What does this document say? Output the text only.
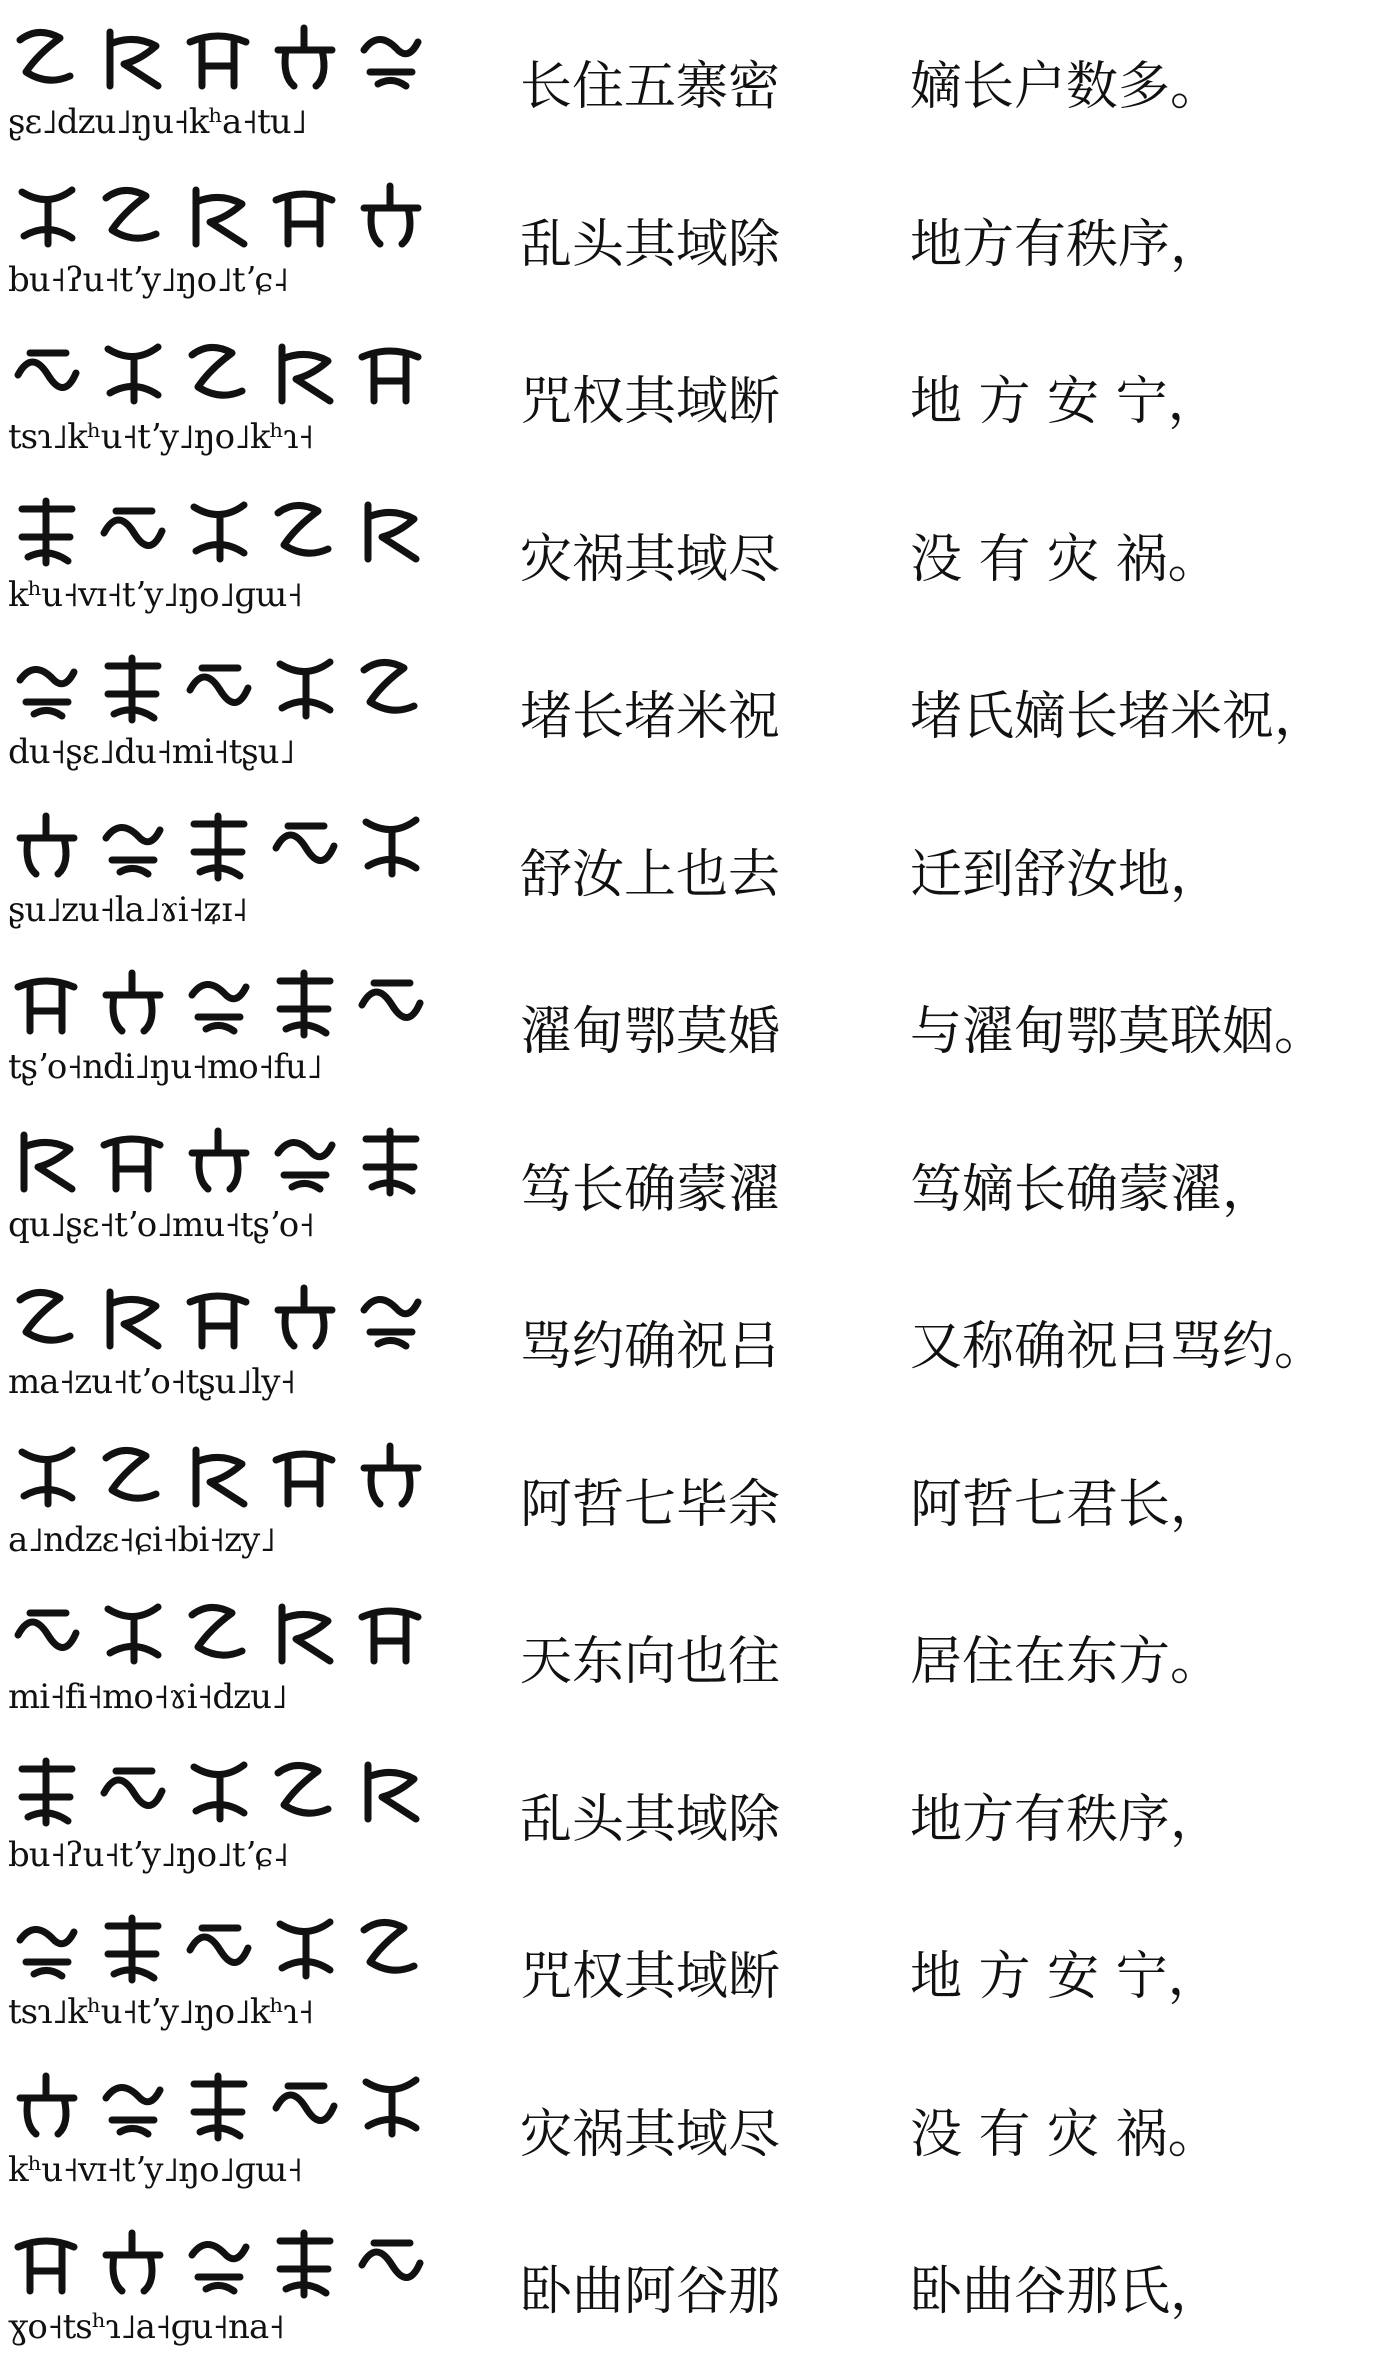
ʂɛ˩dzu˩ŋu˧kʰa˧tu˩
长住五寨密	嫡长户数多。
bu˧ʔu˧tʼy˩ŋo˩tʼɕ˨
乱头其域除	地方有秩序，
tsɿ˩kʰu˧tʼy˩ŋo˩kʰɿ˧
咒权其域断	地 方 安 宁，
kʰu˧vɪ˧tʼy˩ŋo˩ɡɯ˧
灾祸其域尽	没 有 灾 祸。
du˧ʂɛ˩du˧mi˧tʂu˩
堵长堵米祝	堵氏嫡长堵米祝，
ʂu˩zu˧la˩ɤi˧ʑɪ˨
舒汝上也去	迁到舒汝地，
tʂʼo˧ndi˩ŋu˧mo˧fu˩
濯甸鄂莫婚	与濯甸鄂莫联姻。
qu˩ʂɛ˧tʼo˩mu˧tʂʼo˧
笃长确蒙濯	笃嫡长确蒙濯，
ma˧zu˧tʼo˧tʂu˩ly˧
骂约确祝吕	又称确祝吕骂约。
a˩ndzɛ˧ɕi˧bi˧zy˩
阿哲七毕余	阿哲七君长，
mi˧fi˧mo˧ɤi˧dzu˩
天东向也往	居住在东方。
bu˧ʔu˧tʼy˩ŋo˩tʼɕ˨
乱头其域除	地方有秩序，
tsɿ˩kʰu˧tʼy˩ŋo˩kʰɿ˧
咒权其域断	地 方 安 宁，
kʰu˧vɪ˧tʼy˩ŋo˩ɡɯ˧
灾祸其域尽	没 有 灾 祸。
ɣo˧tsʰɿ˩a˧ɡu˧na˧
卧曲阿谷那	卧曲谷那氏，
